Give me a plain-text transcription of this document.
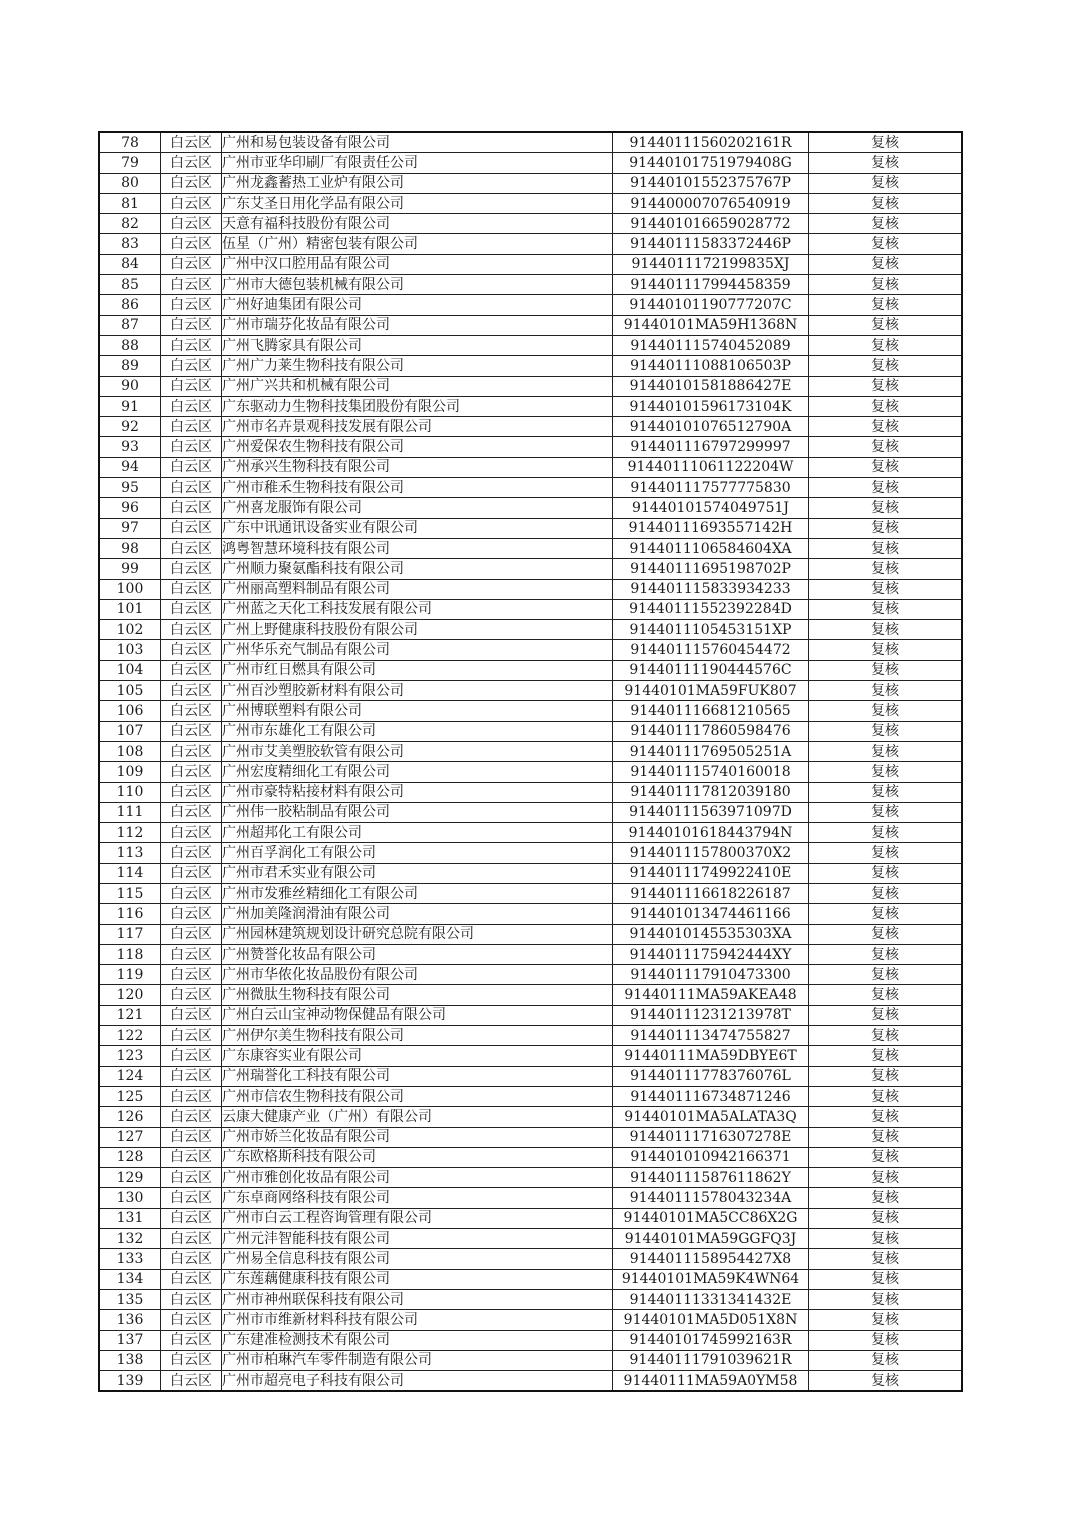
78	白云区	广州和易包装设备有限公司	91440111560202161R	复核
79	白云区	广州市亚华印刷厂有限责任公司	91440101751979408G	复核
80	白云区	广州龙鑫蓄热工业炉有限公司	91440101552375767P	复核
81	白云区	广东艾圣日用化学品有限公司	914400007076540919	复核
82	白云区	天意有福科技股份有限公司	914401016659028772	复核
83	白云区	伍星（广州）精密包装有限公司	91440111583372446P	复核
84	白云区	广州中汉口腔用品有限公司	9144011172199835XJ	复核
85	白云区	广州市大德包装机械有限公司	914401117994458359	复核
86	白云区	广州好迪集团有限公司	91440101190777207C	复核
87	白云区	广州市瑞芬化妆品有限公司	91440101MA59H1368N	复核
88	白云区	广州飞腾家具有限公司	914401115740452089	复核
89	白云区	广州广力莱生物科技有限公司	91440111088106503P	复核
90	白云区	广州广兴共和机械有限公司	91440101581886427E	复核
91	白云区	广东驱动力生物科技集团股份有限公司	91440101596173104K	复核
92	白云区	广州市名卉景观科技发展有限公司	91440101076512790A	复核
93	白云区	广州爱保农生物科技有限公司	914401116797299997	复核
94	白云区	广州承兴生物科技有限公司	91440111061122204W	复核
95	白云区	广州市稚禾生物科技有限公司	914401117577775830	复核
96	白云区	广州喜龙服饰有限公司	91440101574049751J	复核
97	白云区	广东中讯通讯设备实业有限公司	91440111693557142H	复核
98	白云区	鸿粤智慧环境科技有限公司	9144011106584604XA	复核
99	白云区	广州顺力聚氨酯科技有限公司	91440111695198702P	复核
100	白云区	广州丽高塑料制品有限公司	914401115833934233	复核
101	白云区	广州蓝之天化工科技发展有限公司	91440111552392284D	复核
102	白云区	广州上野健康科技股份有限公司	9144011105453151XP	复核
103	白云区	广州华乐充气制品有限公司	914401115760454472	复核
104	白云区	广州市红日燃具有限公司	91440111190444576C	复核
105	白云区	广州百沙塑胶新材料有限公司	91440101MA59FUK807	复核
106	白云区	广州博联塑料有限公司	914401116681210565	复核
107	白云区	广州市东雄化工有限公司	914401117860598476	复核
108	白云区	广州市艾美塑胶软管有限公司	91440111769505251A	复核
109	白云区	广州宏度精细化工有限公司	914401115740160018	复核
110	白云区	广州市豪特粘接材料有限公司	914401117812039180	复核
111	白云区	广州伟一胶粘制品有限公司	91440111563971097D	复核
112	白云区	广州超邦化工有限公司	91440101618443794N	复核
113	白云区	广州百孚润化工有限公司	9144011157800370X2	复核
114	白云区	广州市君禾实业有限公司	91440111749922410E	复核
115	白云区	广州市发雅丝精细化工有限公司	914401116618226187	复核
116	白云区	广州加美隆润滑油有限公司	914401013474461166	复核
117	白云区	广州园林建筑规划设计研究总院有限公司	9144010145535303XA	复核
118	白云区	广州赞誉化妆品有限公司	9144011175942444XY	复核
119	白云区	广州市华侬化妆品股份有限公司	914401117910473300	复核
120	白云区	广州微肽生物科技有限公司	91440111MA59AKEA48	复核
121	白云区	广州白云山宝神动物保健品有限公司	91440111231213978T	复核
122	白云区	广州伊尔美生物科技有限公司	914401113474755827	复核
123	白云区	广东康容实业有限公司	91440111MA59DBYE6T	复核
124	白云区	广州瑞誉化工科技有限公司	91440111778376076L	复核
125	白云区	广州市信农生物科技有限公司	914401116734871246	复核
126	白云区	云康大健康产业（广州）有限公司	91440101MA5ALATA3Q	复核
127	白云区	广州市娇兰化妆品有限公司	91440111716307278E	复核
128	白云区	广东欧格斯科技有限公司	914401010942166371	复核
129	白云区	广州市雅创化妆品有限公司	91440111587611862Y	复核
130	白云区	广东卓商网络科技有限公司	91440111578043234A	复核
131	白云区	广州市白云工程咨询管理有限公司	91440101MA5CC86X2G	复核
132	白云区	广州元沣智能科技有限公司	91440101MA59GGFQ3J	复核
133	白云区	广州易全信息科技有限公司	9144011158954427X8	复核
134	白云区	广东莲藕健康科技有限公司	91440101MA59K4WN64	复核
135	白云区	广州市神州联保科技有限公司	91440111331341432E	复核
136	白云区	广州市市维新材料科技有限公司	91440101MA5D051X8N	复核
137	白云区	广东建准检测技术有限公司	91440101745992163R	复核
138	白云区	广州市柏琳汽车零件制造有限公司	91440111791039621R	复核
139	白云区	广州市超亮电子科技有限公司	91440111MA59A0YM58	复核
